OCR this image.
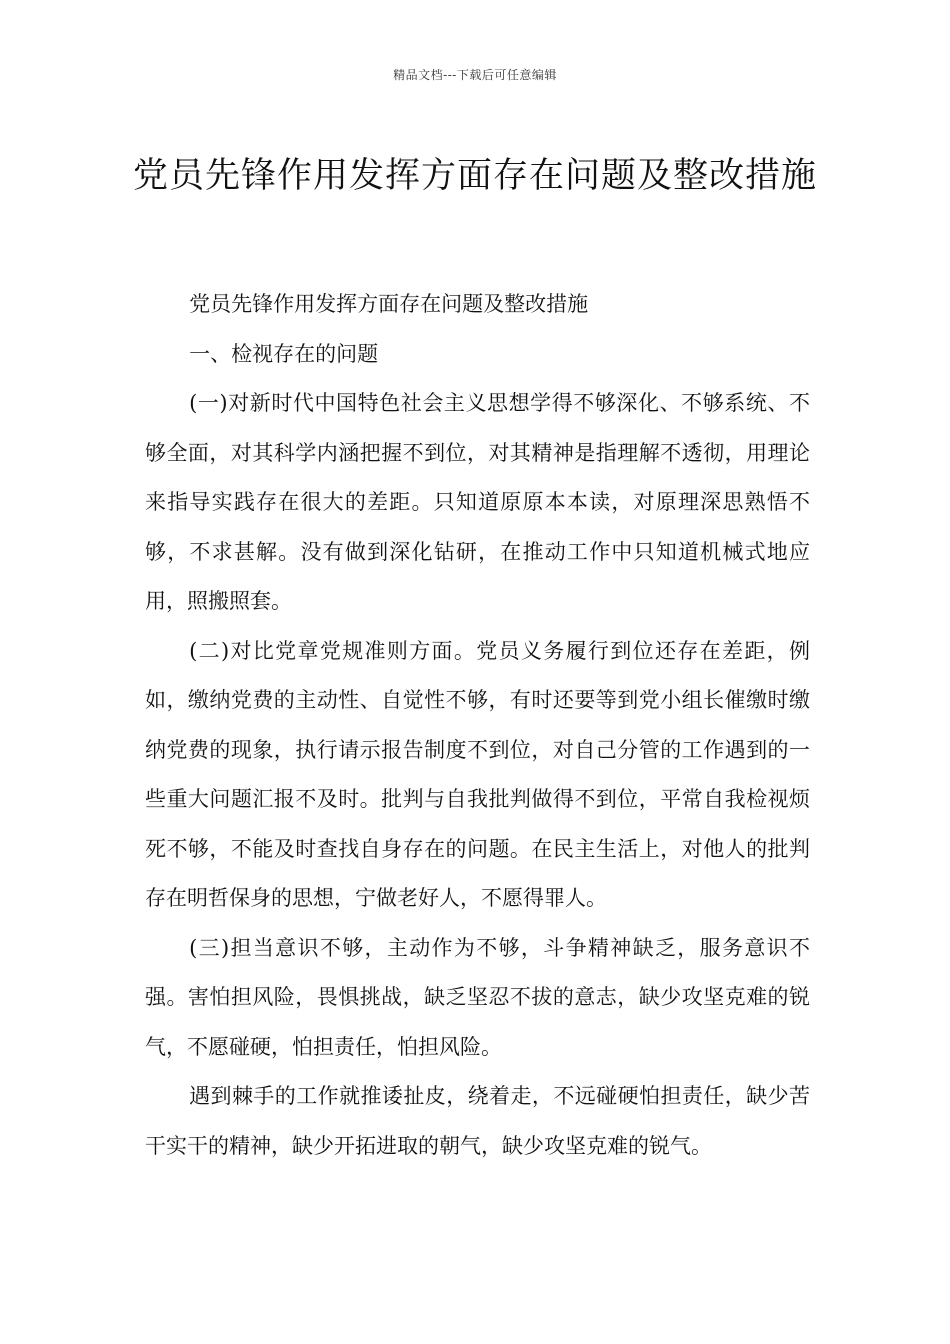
精品文档---下载后可任意编辑
党员先锋作用发挥方面存在问题及整改措施

党员先锋作用发挥方面存在问题及整改措施

一、检视存在的问题

(一)对新时代中国特色社会主义思想学得不够深化、不够系统、不够全面，对其科学内涵把握不到位，对其精神是指理解不透彻，用理论来指导实践存在很大的差距。只知道原原本本读，对原理深思熟悟不够，不求甚解。没有做到深化钻研，在推动工作中只知道机械式地应用，照搬照套。

(二)对比党章党规准则方面。党员义务履行到位还存在差距，例如，缴纳党费的主动性、自觉性不够，有时还要等到党小组长催缴时缴纳党费的现象，执行请示报告制度不到位，对自己分管的工作遇到的一些重大问题汇报不及时。批判与自我批判做得不到位，平常自我检视烦死不够，不能及时查找自身存在的问题。在民主生活上，对他人的批判存在明哲保身的思想，宁做老好人，不愿得罪人。

(三)担当意识不够，主动作为不够，斗争精神缺乏，服务意识不强。害怕担风险，畏惧挑战，缺乏坚忍不拔的意志，缺少攻坚克难的锐气，不愿碰硬，怕担责任，怕担风险。

遇到棘手的工作就推诿扯皮，绕着走，不远碰硬怕担责任，缺少苦干实干的精神，缺少开拓进取的朝气，缺少攻坚克难的锐气。
